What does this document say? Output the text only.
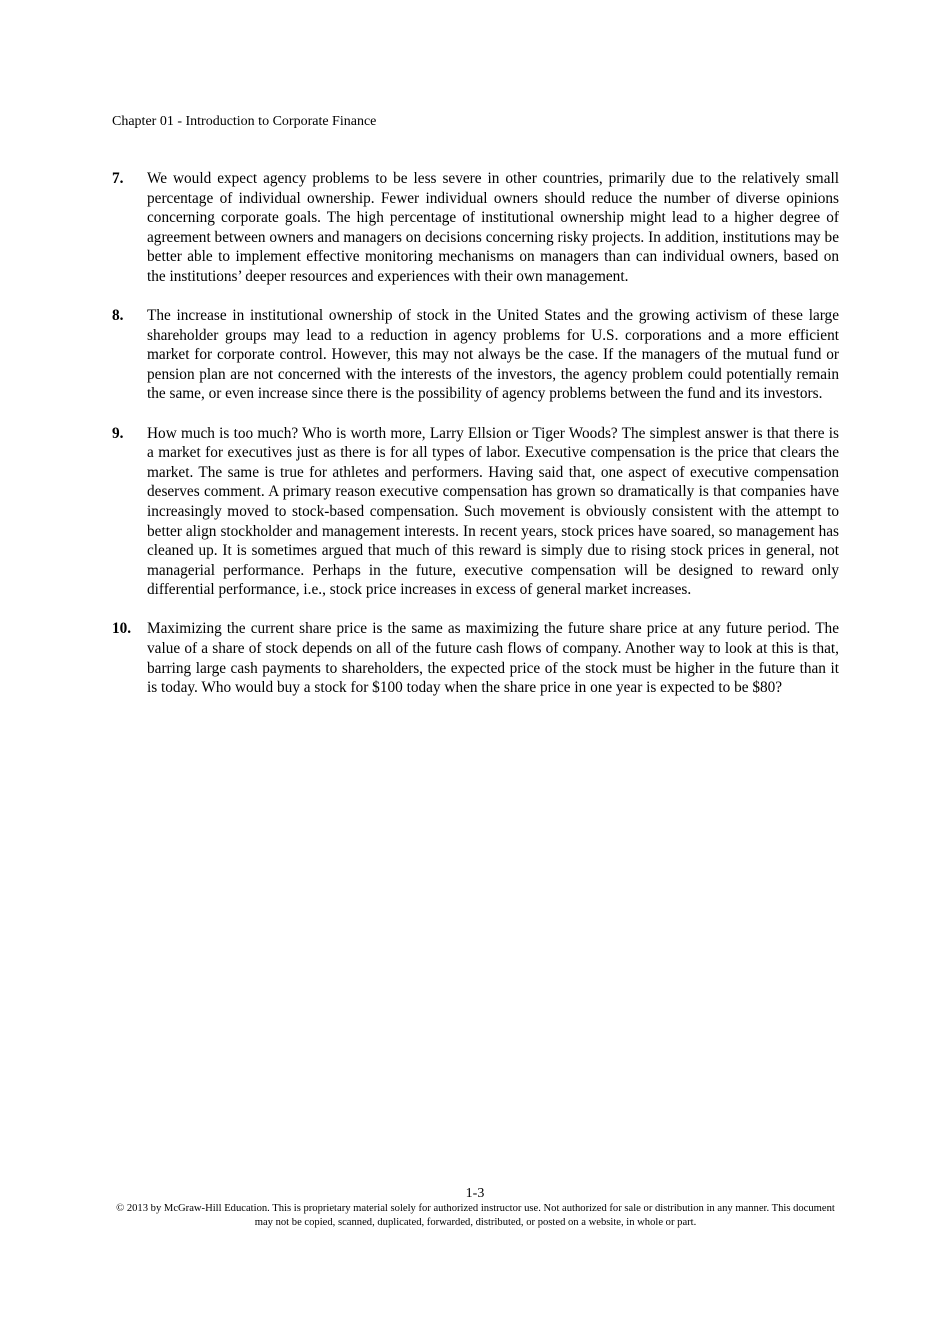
Chapter 01 - Introduction to Corporate Finance
7. We would expect agency problems to be less severe in other countries, primarily due to the relatively small percentage of individual ownership. Fewer individual owners should reduce the number of diverse opinions concerning corporate goals. The high percentage of institutional ownership might lead to a higher degree of agreement between owners and managers on decisions concerning risky projects. In addition, institutions may be better able to implement effective monitoring mechanisms on managers than can individual owners, based on the institutions’ deeper resources and experiences with their own management.

8. The increase in institutional ownership of stock in the United States and the growing activism of these large shareholder groups may lead to a reduction in agency problems for U.S. corporations and a more efficient market for corporate control. However, this may not always be the case. If the managers of the mutual fund or pension plan are not concerned with the interests of the investors, the agency problem could potentially remain the same, or even increase since there is the possibility of agency problems between the fund and its investors.

9. How much is too much? Who is worth more, Larry Ellsion or Tiger Woods? The simplest answer is that there is a market for executives just as there is for all types of labor. Executive compensation is the price that clears the market. The same is true for athletes and performers. Having said that, one aspect of executive compensation deserves comment. A primary reason executive compensation has grown so dramatically is that companies have increasingly moved to stock-based compensation. Such movement is obviously consistent with the attempt to better align stockholder and management interests. In recent years, stock prices have soared, so management has cleaned up. It is sometimes argued that much of this reward is simply due to rising stock prices in general, not managerial performance. Perhaps in the future, executive compensation will be designed to reward only differential performance, i.e., stock price increases in excess of general market increases.

10. Maximizing the current share price is the same as maximizing the future share price at any future period. The value of a share of stock depends on all of the future cash flows of company. Another way to look at this is that, barring large cash payments to shareholders, the expected price of the stock must be higher in the future than it is today. Who would buy a stock for $100 today when the share price in one year is expected to be $80?

1-3
© 2013 by McGraw-Hill Education. This is proprietary material solely for authorized instructor use. Not authorized for sale or distribution in any manner. This document may not be copied, scanned, duplicated, forwarded, distributed, or posted on a website, in whole or part.
